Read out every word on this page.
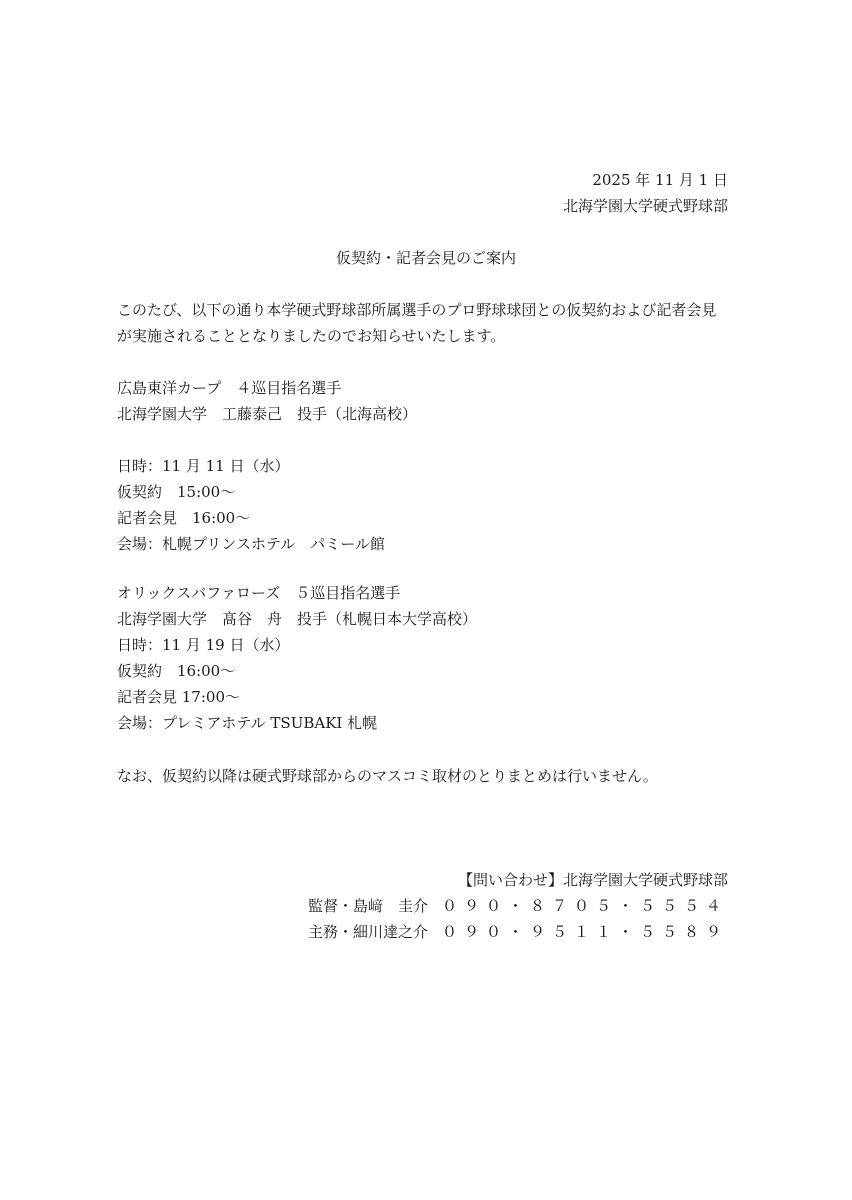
2025 年 11 月 1 日
北海学園大学硬式野球部
仮契約・記者会見のご案内
このたび、以下の通り本学硬式野球部所属選手のプロ野球球団との仮契約および記者会見
が実施されることとなりましたのでお知らせいたします。
広島東洋カープ　４巡目指名選手
北海学園大学　工藤泰己　投手（北海高校）
日時：11 月 11 日（水）
仮契約　15:00〜
記者会見　16:00〜
会場：札幌プリンスホテル　パミール館
オリックスバファローズ　５巡目指名選手
北海学園大学　髙谷　舟　投手（札幌日本大学高校）
日時：11 月 19 日（水）
仮契約　16:00〜
記者会見 17:00〜
会場：プレミアホテル TSUBAKI 札幌
なお、仮契約以降は硬式野球部からのマスコミ取材のとりまとめは行いません。
【問い合わせ】北海学園大学硬式野球部
監督・島﨑　圭介 ０９０・８７０５・５５５４
主務・細川達之介 ０９０・９５１１・５５８９
